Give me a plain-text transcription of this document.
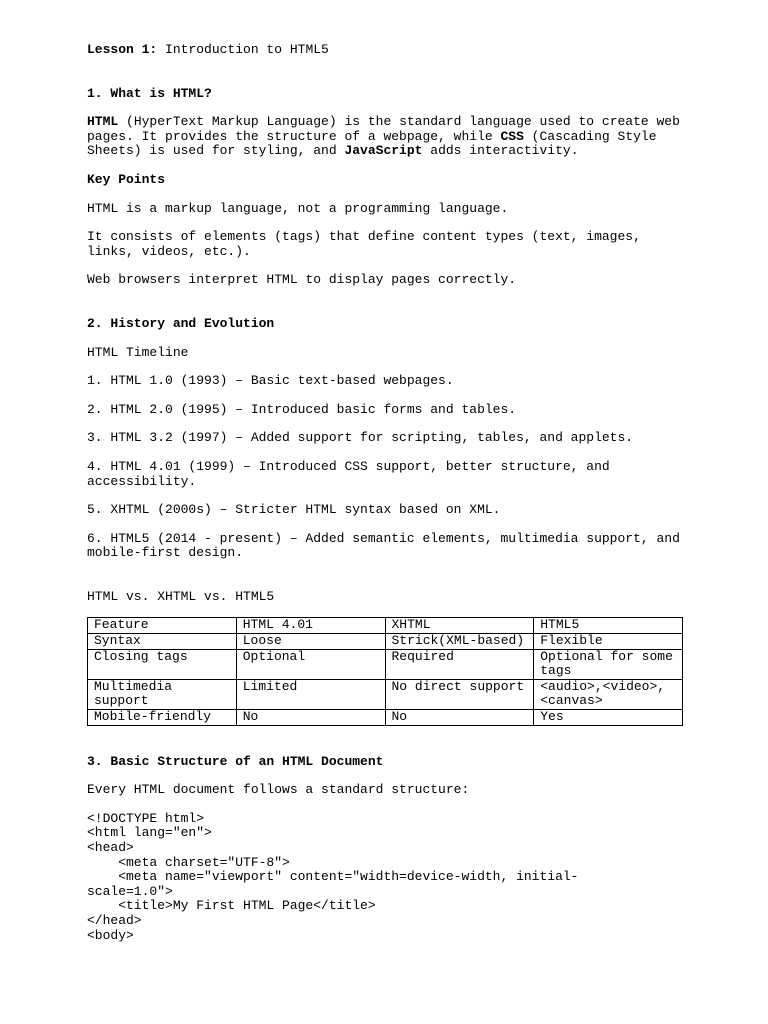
Lesson 1: Introduction to HTML5

1. What is HTML?

HTML (HyperText Markup Language) is the standard language used to create web pages. It provides the structure of a webpage, while CSS (Cascading Style Sheets) is used for styling, and JavaScript adds interactivity.

Key Points

HTML is a markup language, not a programming language.

It consists of elements (tags) that define content types (text, images, links, videos, etc.).

Web browsers interpret HTML to display pages correctly.

2. History and Evolution

HTML Timeline

1. HTML 1.0 (1993) – Basic text-based webpages.

2. HTML 2.0 (1995) – Introduced basic forms and tables.

3. HTML 3.2 (1997) – Added support for scripting, tables, and applets.

4. HTML 4.01 (1999) – Introduced CSS support, better structure, and accessibility.

5. XHTML (2000s) – Stricter HTML syntax based on XML.

6. HTML5 (2014 - present) – Added semantic elements, multimedia support, and mobile-first design.

HTML vs. XHTML vs. HTML5

Feature	HTML 4.01	XHTML	HTML5
Syntax	Loose	Strick(XML-based)	Flexible
Closing tags	Optional	Required	Optional for some tags
Multimedia support	Limited	No direct support	<audio>,<video>, <canvas>
Mobile-friendly	No	No	Yes

3. Basic Structure of an HTML Document

Every HTML document follows a standard structure:

<!DOCTYPE html>

<html lang="en">

<head>

<meta charset="UTF-8">

<meta name="viewport" content="width=device-width, initial-

scale=1.0">

<title>My First HTML Page</title>

</head>

<body>
